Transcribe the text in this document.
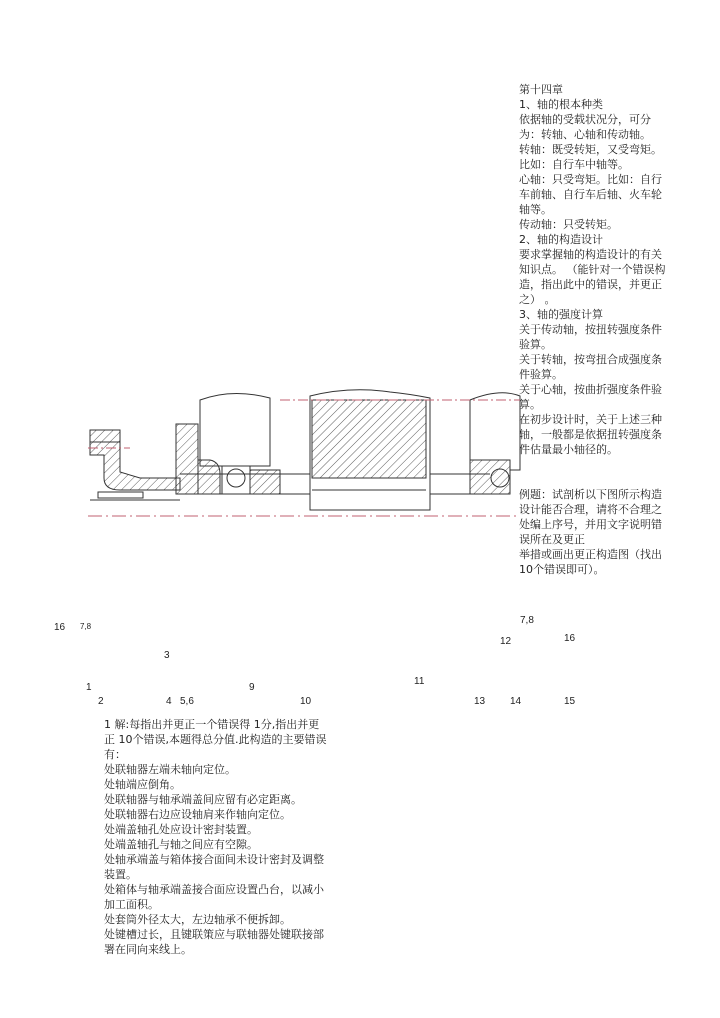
第十四章

1、轴的根本种类

依据轴的受载状况分，可分为：转轴、心轴和传动轴。

转轴：既受转矩，又受弯矩。比如：自行车中轴等。

心轴：只受弯矩。比如：自行车前轴、自行车后轴、火车轮轴等。

传动轴：只受转矩。

2、轴的构造设计

要求掌握轴的构造设计的有关知识点。 （能针对一个错误构造，指出此中的错误，并更正之） 。

3、轴的强度计算

关于传动轴，按扭转强度条件验算。

关于转轴，按弯扭合成强度条件验算。

关于心轴，按曲折强度条件验算。

在初步设计时，关于上述三种轴，一般都是依据扭转强度条件估量最小轴径的。

例题：试剖析以下图所示构造设计能否合理，请将不合理之处编上序号，并用文字说明错误所在及更正

举措或画出更正构造图（找出 10个错误即可）。

16 7,8
3
1
2	4 5,6
9
10
11
12
7,8
16
13 14	15

1 解:每指出并更正一个错误得 1分,指出并更正 10个错误,本题得总分值.此构造的主要错误有：

处联轴器左端未轴向定位。

处轴端应倒角。

处联轴器与轴承端盖间应留有必定距离。

处联轴器右边应设轴肩来作轴向定位。

处端盖轴孔处应设计密封装置。

处端盖轴孔与轴之间应有空隙。

处轴承端盖与箱体接合面间未设计密封及调整装置。

处箱体与轴承端盖接合面应设置凸台，以减小加工面积。

处套筒外径太大，左边轴承不便拆卸。

处键槽过长，且键联策应与联轴器处键联接部署在同向来线上。
